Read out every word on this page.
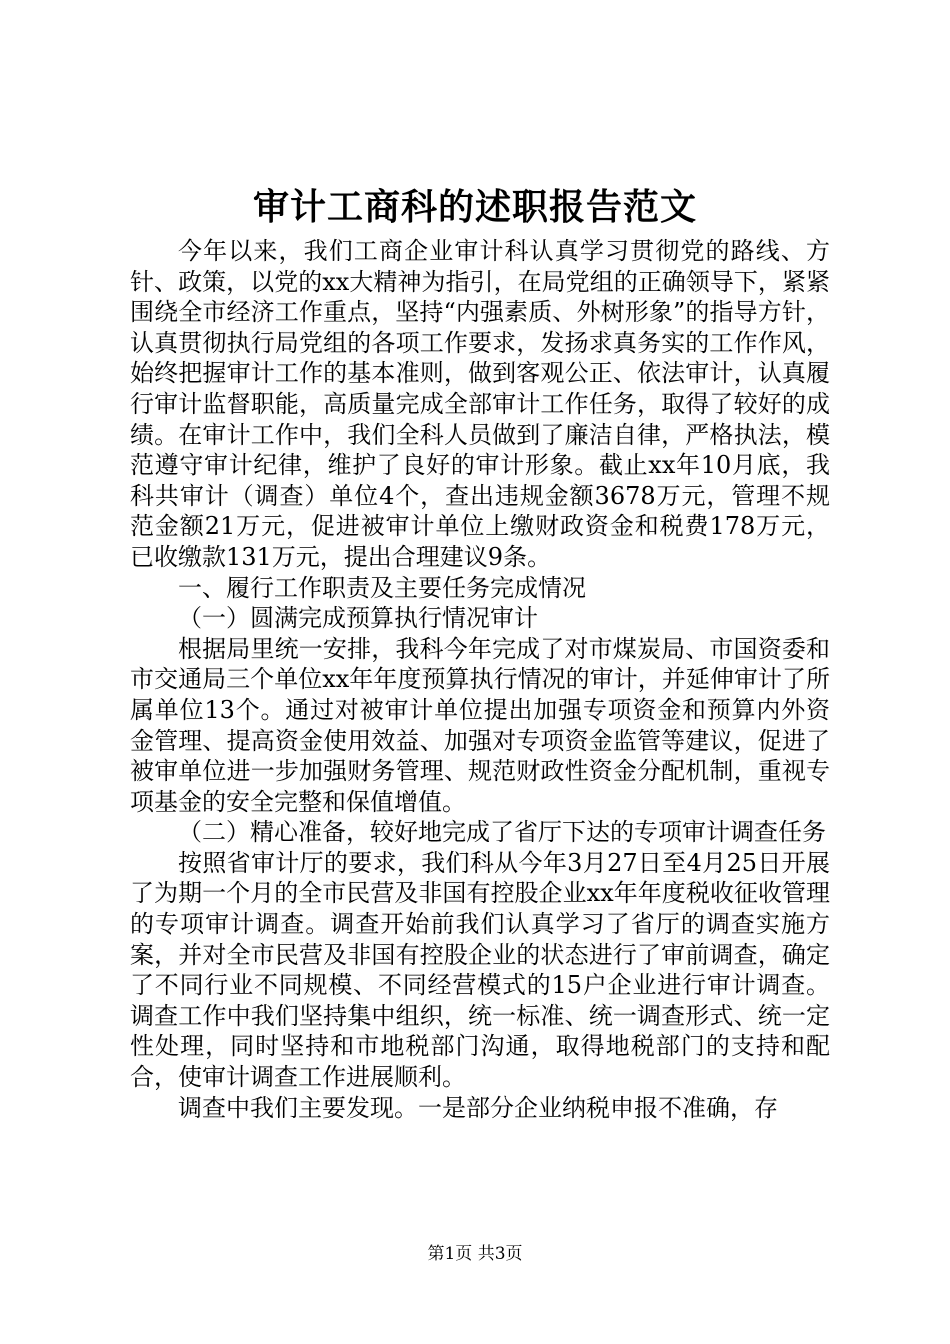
审计工商科的述职报告范文

今年以来，我们工商企业审计科认真学习贯彻党的路线、方针、政策，以党的xx大精神为指引，在局党组的正确领导下，紧紧围绕全市经济工作重点，坚持“内强素质、外树形象”的指导方针，认真贯彻执行局党组的各项工作要求，发扬求真务实的工作作风，始终把握审计工作的基本准则，做到客观公正、依法审计，认真履行审计监督职能，高质量完成全部审计工作任务，取得了较好的成绩。在审计工作中，我们全科人员做到了廉洁自律，严格执法，模范遵守审计纪律，维护了良好的审计形象。截止xx年10月底，我科共审计（调查）单位4个，查出违规金额3678万元，管理不规范金额21万元，促进被审计单位上缴财政资金和税费178万元，已收缴款131万元，提出合理建议9条。

一、履行工作职责及主要任务完成情况

（一）圆满完成预算执行情况审计

根据局里统一安排，我科今年完成了对市煤炭局、市国资委和市交通局三个单位xx年年度预算执行情况的审计，并延伸审计了所属单位13个。通过对被审计单位提出加强专项资金和预算内外资金管理、提高资金使用效益、加强对专项资金监管等建议，促进了被审单位进一步加强财务管理、规范财政性资金分配机制，重视专项基金的安全完整和保值增值。

（二）精心准备，较好地完成了省厅下达的专项审计调查任务

按照省审计厅的要求，我们科从今年3月27日至4月25日开展了为期一个月的全市民营及非国有控股企业xx年年度税收征收管理的专项审计调查。调查开始前我们认真学习了省厅的调查实施方案，并对全市民营及非国有控股企业的状态进行了审前调查，确定了不同行业不同规模、不同经营模式的15户企业进行审计调查。调查工作中我们坚持集中组织，统一标准、统一调查形式、统一定性处理，同时坚持和市地税部门沟通，取得地税部门的支持和配合，使审计调查工作进展顺利。

调查中我们主要发现。一是部分企业纳税申报不准确，存

第1页 共3页
